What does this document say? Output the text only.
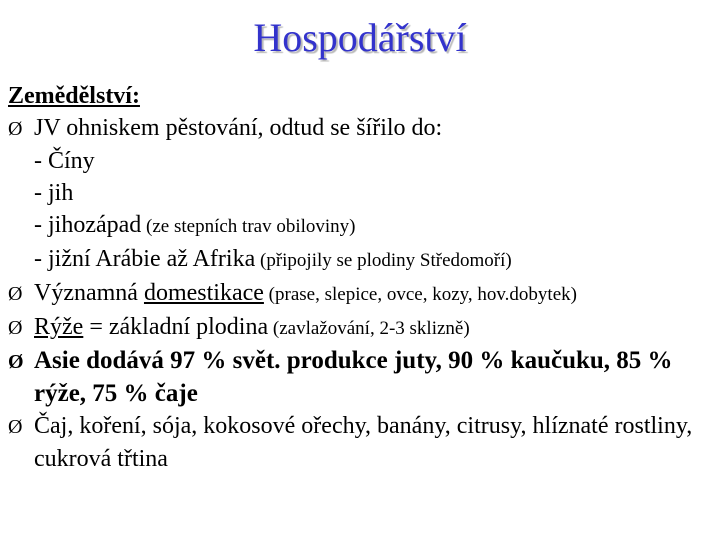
Hospodářství
Zemědělství:
Ø JV ohniskem pěstování, odtud se šířilo do:
- Číny
- jih
- jihozápad (ze stepních trav obiloviny)
- jižní Arábie až Afrika (připojily se plodiny Středomoří)
Ø Významná domestikace (prase, slepice, ovce, kozy, hov.dobytek)
Ø Rýže = základní plodina (zavlažování, 2-3 sklizně)
Ø Asie dodává 97 % svět. produkce juty, 90 % kaučuku, 85 % rýže, 75 % čaje
Ø Čaj, koření, sója, kokosové ořechy, banány, citrusy, hlíznaté rostliny, cukrová třtina
